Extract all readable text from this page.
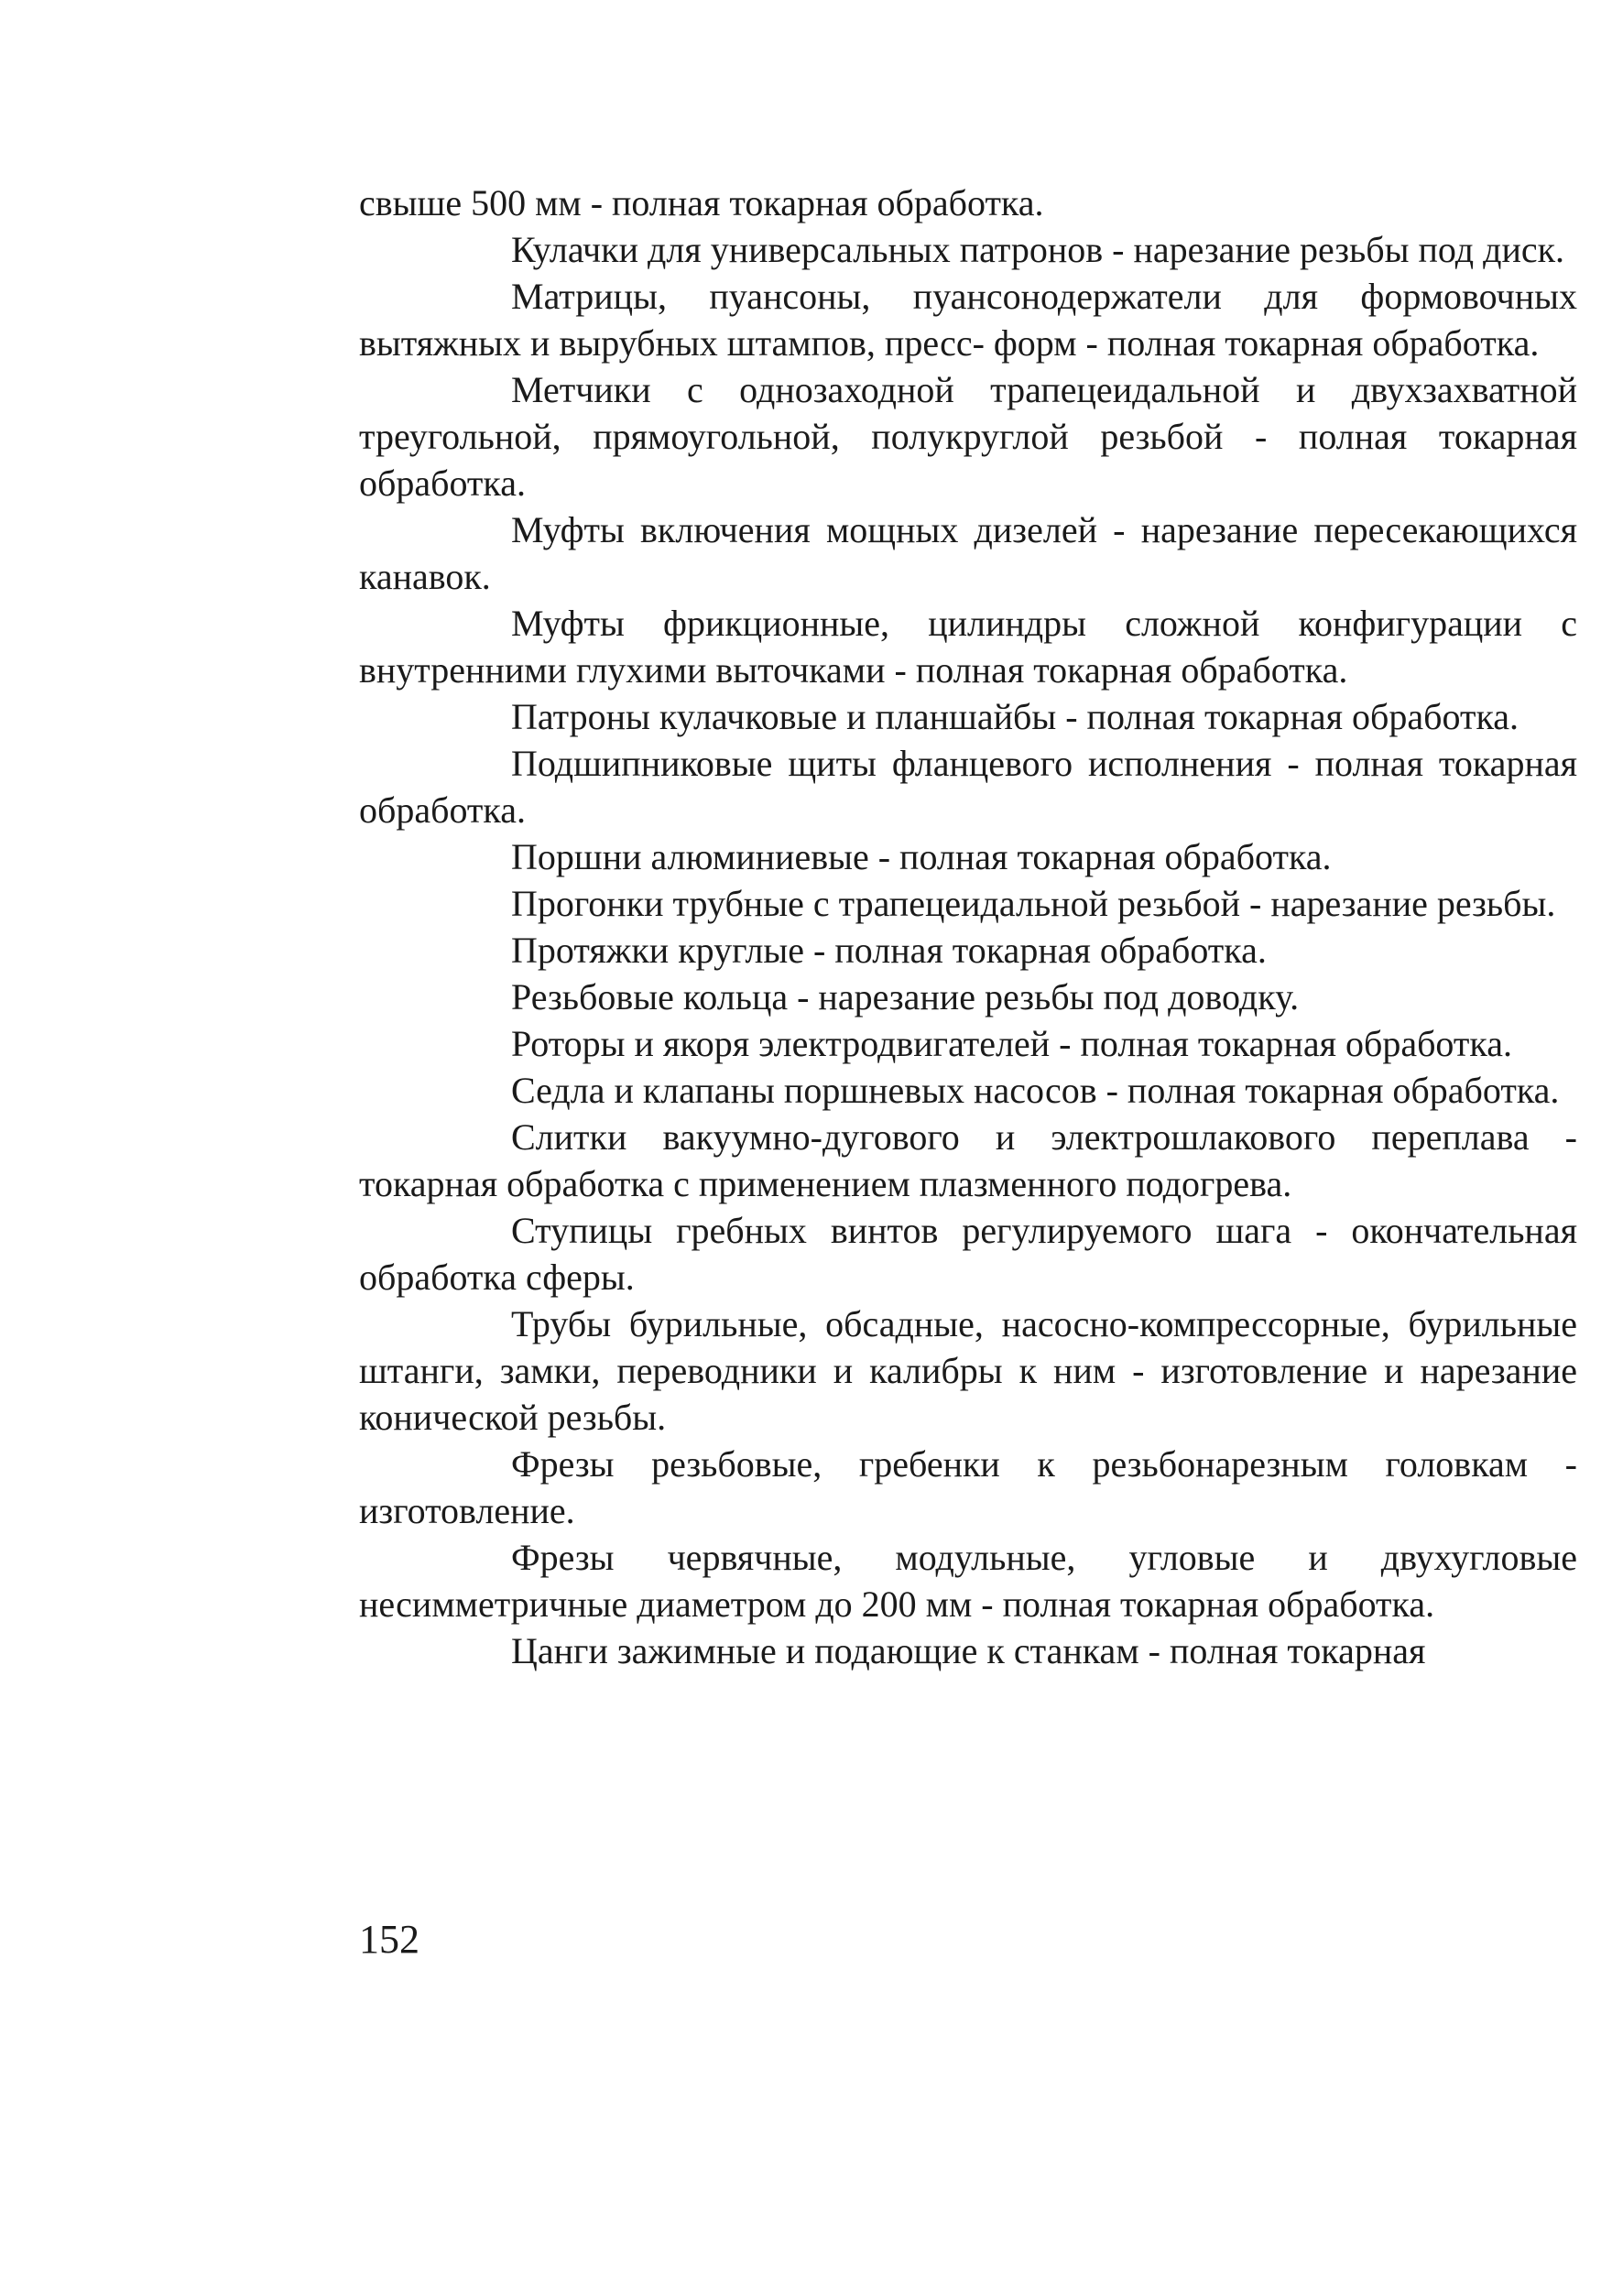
свыше 500 мм - полная токарная обработка.

Кулачки для универсальных патронов - нарезание резьбы под диск.

Матрицы, пуансоны, пуансонодержатели для формовочных вытяжных и вырубных штампов, пресс- форм - полная токарная обработка.

Метчики с однозаходной трапецеидальной и двухзахватной треугольной, прямоугольной, полукруглой резьбой - полная токарная обработка.

Муфты включения мощных дизелей - нарезание пересекающихся канавок.

Муфты фрикционные, цилиндры сложной конфигурации с внутренними глухими выточками - полная токарная обработка.

Патроны кулачковые и планшайбы - полная токарная обработка.

Подшипниковые щиты фланцевого исполнения - полная токарная обработка.

Поршни алюминиевые - полная токарная обработка.

Прогонки трубные с трапецеидальной резьбой - нарезание резьбы.

Протяжки круглые - полная токарная обработка.

Резьбовые кольца - нарезание резьбы под доводку.

Роторы и якоря электродвигателей - полная токарная обработка.

Седла и клапаны поршневых насосов - полная токарная обработка.

Слитки вакуумно-дугового и электрошлакового переплава - токарная обработка с применением плазменного подогрева.

Ступицы гребных винтов регулируемого шага - окончательная обработка сферы.

Трубы бурильные, обсадные, насосно-компрессорные, бурильные штанги, замки, переводники и калибры к ним - изготовление и нарезание конической резьбы.

Фрезы резьбовые, гребенки к резьбонарезным головкам - изготовление.

Фрезы червячные, модульные, угловые и двухугловые несимметричные диаметром до 200 мм - полная токарная обработка.

Цанги зажимные и подающие к станкам - полная токарная

152
